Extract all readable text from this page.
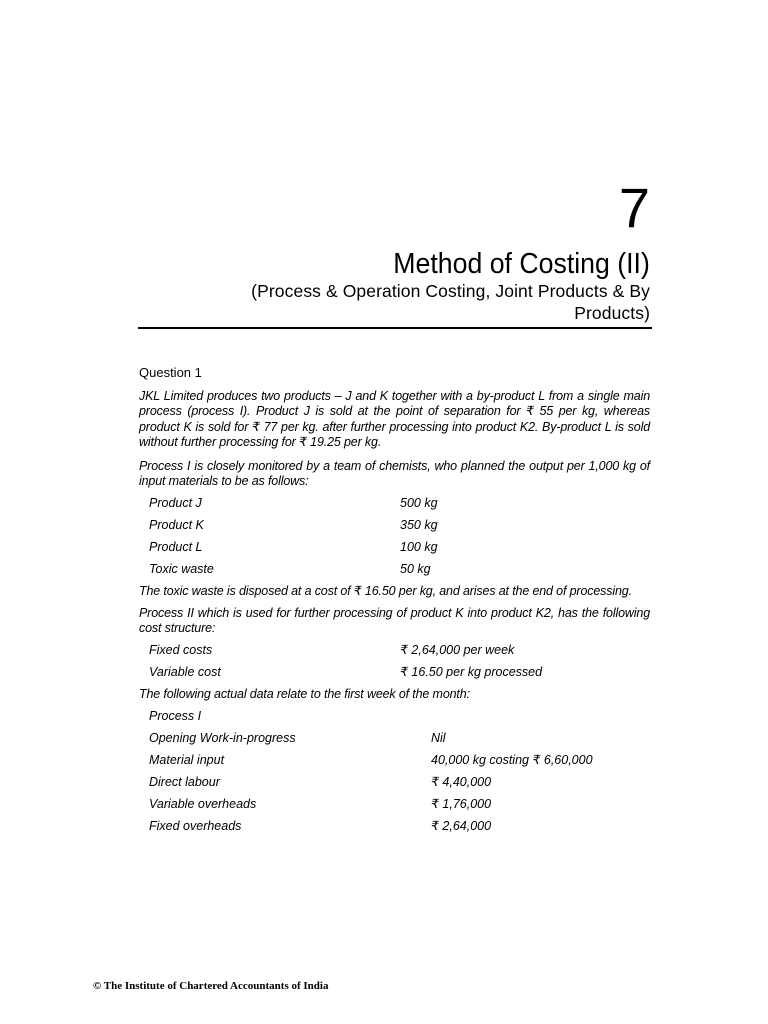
7
Method of Costing (II)
(Process & Operation Costing, Joint Products & By Products)
Question 1
JKL Limited produces two products – J and K together with a by-product L from a single main process (process I). Product J is sold at the point of separation for ₹ 55 per kg, whereas product K is sold for ₹ 77 per kg. after further processing into product K2. By-product L is sold without further processing for ₹ 19.25 per kg.
Process I is closely monitored by a team of chemists, who planned the output per 1,000 kg of input materials to be as follows:
Product J	500 kg
Product K	350 kg
Product L	100 kg
Toxic waste	50 kg
The toxic waste is disposed at a cost of ₹ 16.50 per kg, and arises at the end of processing.
Process II which is used for further processing of product K into product K2, has the following cost structure:
Fixed costs	₹ 2,64,000 per week
Variable cost	₹ 16.50 per kg processed
The following actual data relate to the first week of the month:
Process I
Opening Work-in-progress	Nil
Material input	40,000 kg costing ₹ 6,60,000
Direct labour	₹ 4,40,000
Variable overheads	₹ 1,76,000
Fixed overheads	₹ 2,64,000
© The Institute of Chartered Accountants of India
